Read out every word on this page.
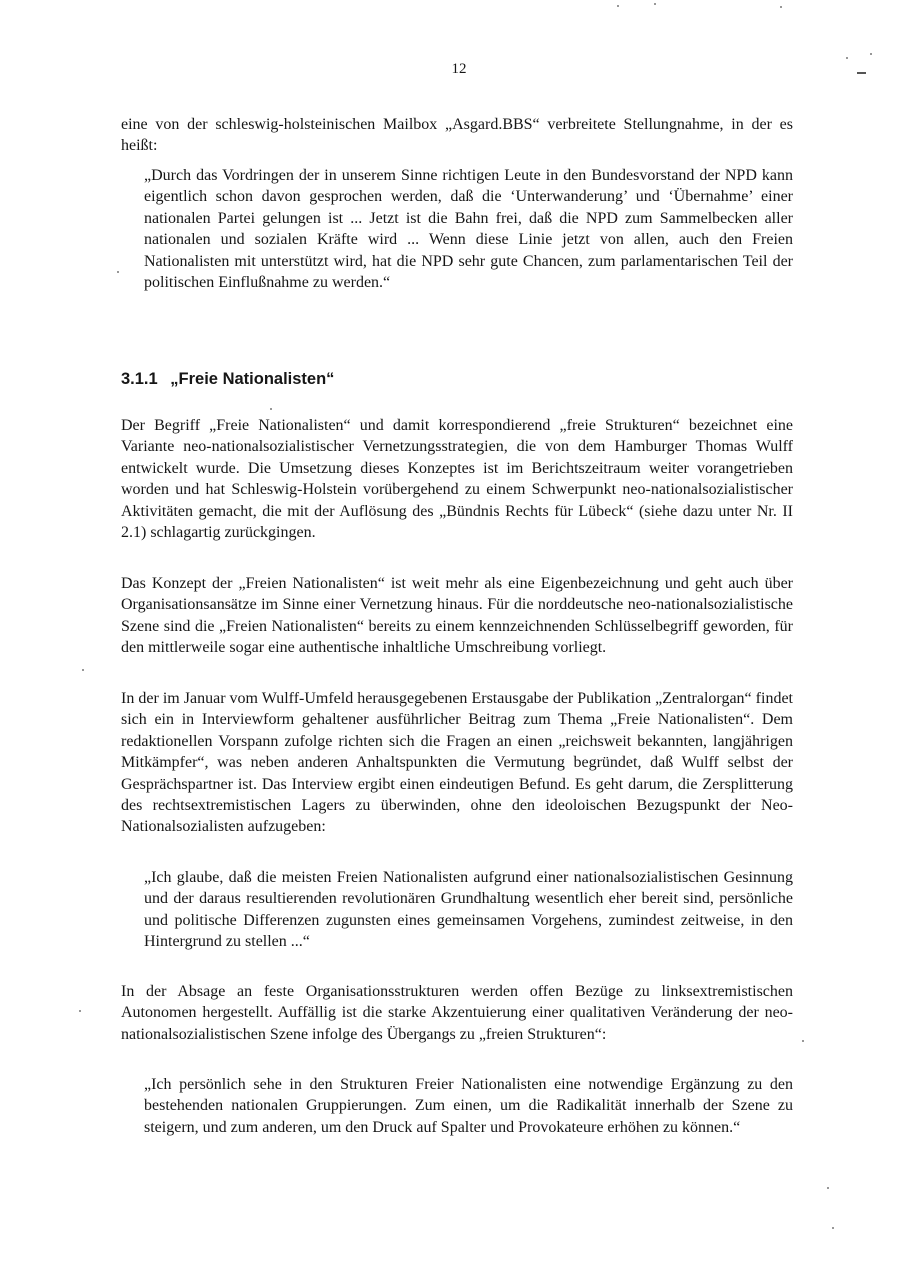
12

eine von der schleswig-holsteinischen Mailbox „Asgard.BBS“ verbreitete Stellungnahme, in der es heißt:

„Durch das Vordringen der in unserem Sinne richtigen Leute in den Bundesvorstand der NPD kann eigentlich schon davon gesprochen werden, daß die ‘Unterwanderung’ und ‘Übernahme’ einer nationalen Partei gelungen ist ... Jetzt ist die Bahn frei, daß die NPD zum Sammelbecken aller nationalen und sozialen Kräfte wird ... Wenn diese Linie jetzt von allen, auch den Freien Nationalisten mit unterstützt wird, hat die NPD sehr gute Chancen, zum parlamentarischen Teil der politischen Einflußnahme zu werden.“

3.1.1 „Freie Nationalisten“

Der Begriff „Freie Nationalisten“ und damit korrespondierend „freie Strukturen“ bezeichnet eine Variante neo-nationalsozialistischer Vernetzungsstrategien, die von dem Hamburger Thomas Wulff entwickelt wurde. Die Umsetzung dieses Konzeptes ist im Berichtszeitraum weiter vorangetrieben worden und hat Schleswig-Holstein vorübergehend zu einem Schwerpunkt neo-nationalsozialistischer Aktivitäten gemacht, die mit der Auflösung des „Bündnis Rechts für Lübeck“ (siehe dazu unter Nr. II 2.1) schlagartig zurückgingen.

Das Konzept der „Freien Nationalisten“ ist weit mehr als eine Eigenbezeichnung und geht auch über Organisationsansätze im Sinne einer Vernetzung hinaus. Für die norddeutsche neo-nationalsozialistische Szene sind die „Freien Nationalisten“ bereits zu einem kennzeichnenden Schlüsselbegriff geworden, für den mittlerweile sogar eine authentische inhaltliche Umschreibung vorliegt.

In der im Januar vom Wulff-Umfeld herausgegebenen Erstausgabe der Publikation „Zentralorgan“ findet sich ein in Interviewform gehaltener ausführlicher Beitrag zum Thema „Freie Nationalisten“. Dem redaktionellen Vorspann zufolge richten sich die Fragen an einen „reichsweit bekannten, langjährigen Mitkämpfer“, was neben anderen Anhaltspunkten die Vermutung begründet, daß Wulff selbst der Gesprächspartner ist. Das Interview ergibt einen eindeutigen Befund. Es geht darum, die Zersplitterung des rechtsextremistischen Lagers zu überwinden, ohne den ideoloischen Bezugspunkt der Neo-Nationalsozialisten aufzugeben:

„Ich glaube, daß die meisten Freien Nationalisten aufgrund einer nationalsozialistischen Gesinnung und der daraus resultierenden revolutionären Grundhaltung wesentlich eher bereit sind, persönliche und politische Differenzen zugunsten eines gemeinsamen Vorgehens, zumindest zeitweise, in den Hintergrund zu stellen ...“

In der Absage an feste Organisationsstrukturen werden offen Bezüge zu linksextremistischen Autonomen hergestellt. Auffällig ist die starke Akzentuierung einer qualitativen Veränderung der neo-nationalsozialistischen Szene infolge des Übergangs zu „freien Strukturen“:

„Ich persönlich sehe in den Strukturen Freier Nationalisten eine notwendige Ergänzung zu den bestehenden nationalen Gruppierungen. Zum einen, um die Radikalität innerhalb der Szene zu steigern, und zum anderen, um den Druck auf Spalter und Provokateure erhöhen zu können.“
